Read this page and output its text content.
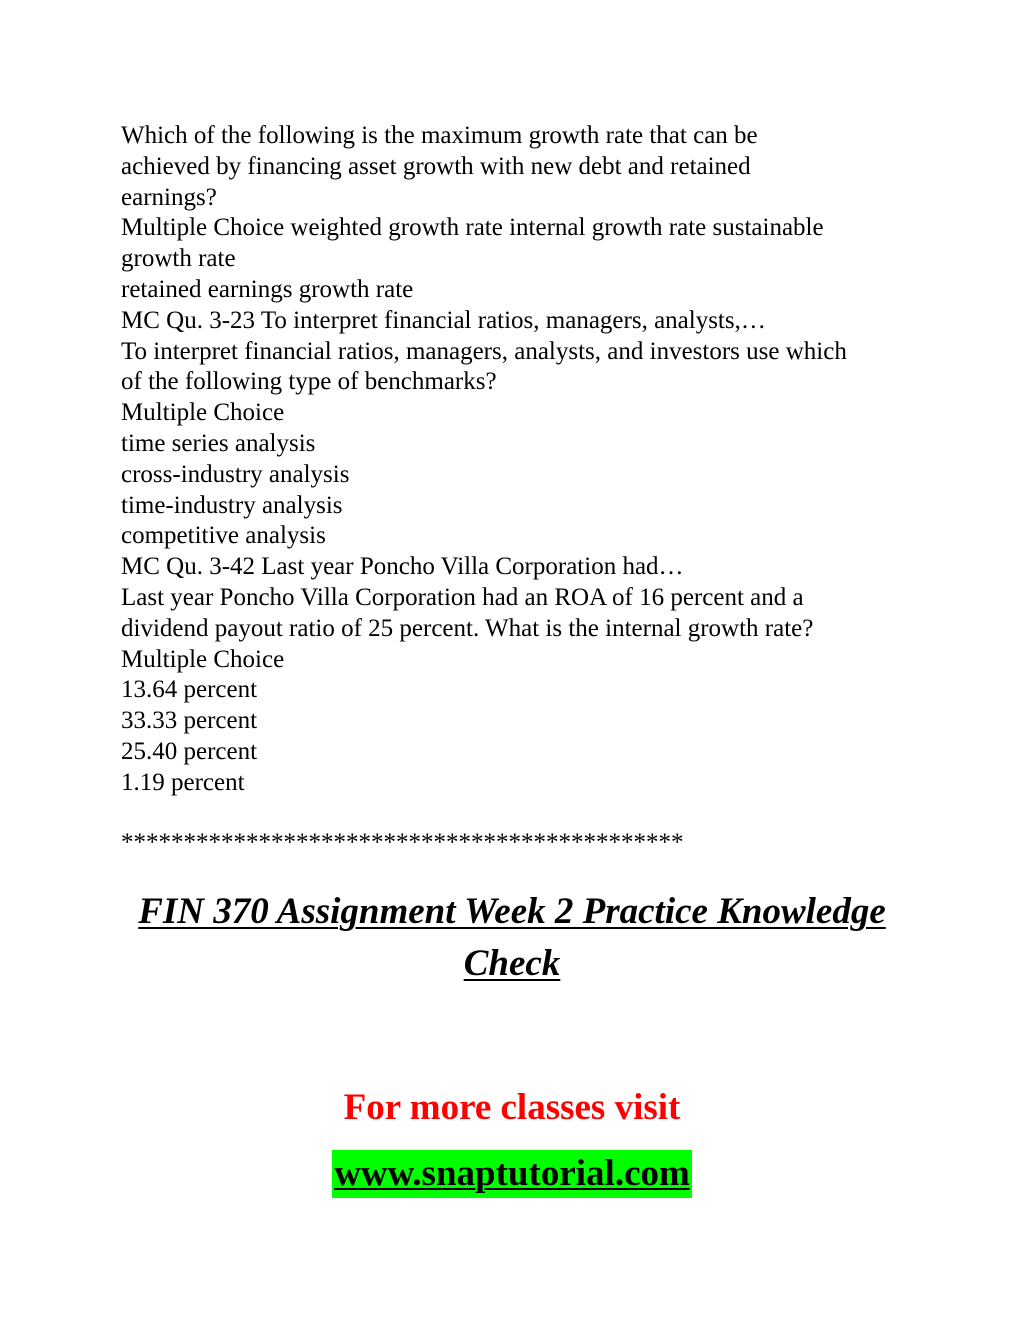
Which of the following is the maximum growth rate that can be
achieved by financing asset growth with new debt and retained
earnings?
Multiple Choice weighted growth rate internal growth rate sustainable
growth rate
retained earnings growth rate
MC Qu. 3-23 To interpret financial ratios, managers, analysts,…
To interpret financial ratios, managers, analysts, and investors use which
of the following type of benchmarks?
Multiple Choice
time series analysis
cross-industry analysis
time-industry analysis
competitive analysis
MC Qu. 3-42 Last year Poncho Villa Corporation had…
Last year Poncho Villa Corporation had an ROA of 16 percent and a
dividend payout ratio of 25 percent. What is the internal growth rate?
Multiple Choice
13.64 percent
33.33 percent
25.40 percent
1.19 percent
*********************************************
FIN 370 Assignment Week 2 Practice Knowledge
Check
For more classes visit
www.snaptutorial.com
